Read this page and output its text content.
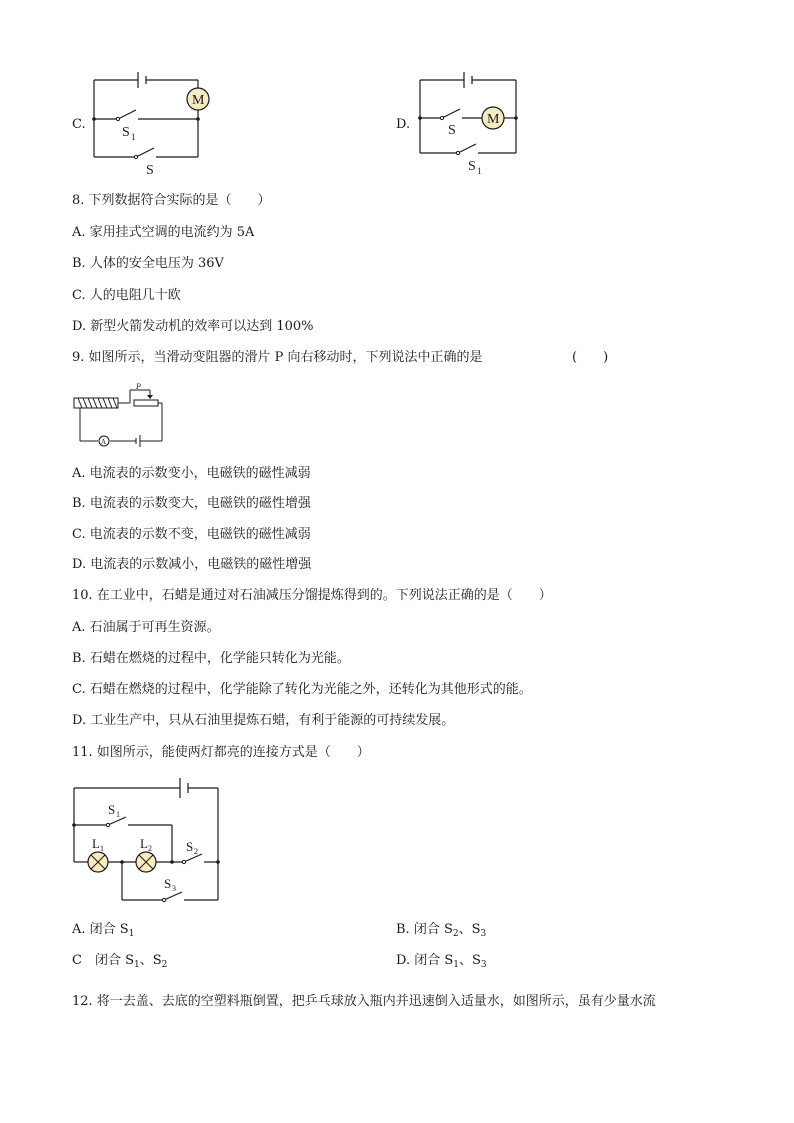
C.
M
S 1
S
D.	M
S
S 1
8. 下列数据符合实际的是（　　）
A. 家用挂式空调的电流约为 5A
B. 人体的安全电压为 36V
C. 人的电阻几十欧
D. 新型火箭发动机的效率可以达到 100%
9. 如图所示，当滑动变阻器的滑片 P 向右移动时，下列说法中正确的是	(　　)
A
P
A. 电流表的示数变小，电磁铁的磁性减弱
B. 电流表的示数变大，电磁铁的磁性增强
C. 电流表的示数不变，电磁铁的磁性减弱
D. 电流表的示数减小，电磁铁的磁性增强
10. 在工业中，石蜡是通过对石油减压分馏提炼得到的。下列说法正确的是（　　）
A. 石油属于可再生资源。
B. 石蜡在燃烧的过程中，化学能只转化为光能。
C. 石蜡在燃烧的过程中，化学能除了转化为光能之外，还转化为其他形式的能。
D. 工业生产中，只从石油里提炼石蜡，有利于能源的可持续发展。
11. 如图所示，能使两灯都亮的连接方式是（　　）
S 1
L 1	L 2	S 2
S 3
A. 闭合 $S_1$	B. 闭合 $S_2$、$S_3$
C　闭合 $S_1$、$S_2$	D. 闭合 $S_1$、$S_3$
12. 将一去盖、去底的空塑料瓶倒置，把乒乓球放入瓶内并迅速倒入适量水，如图所示，虽有少量水流
